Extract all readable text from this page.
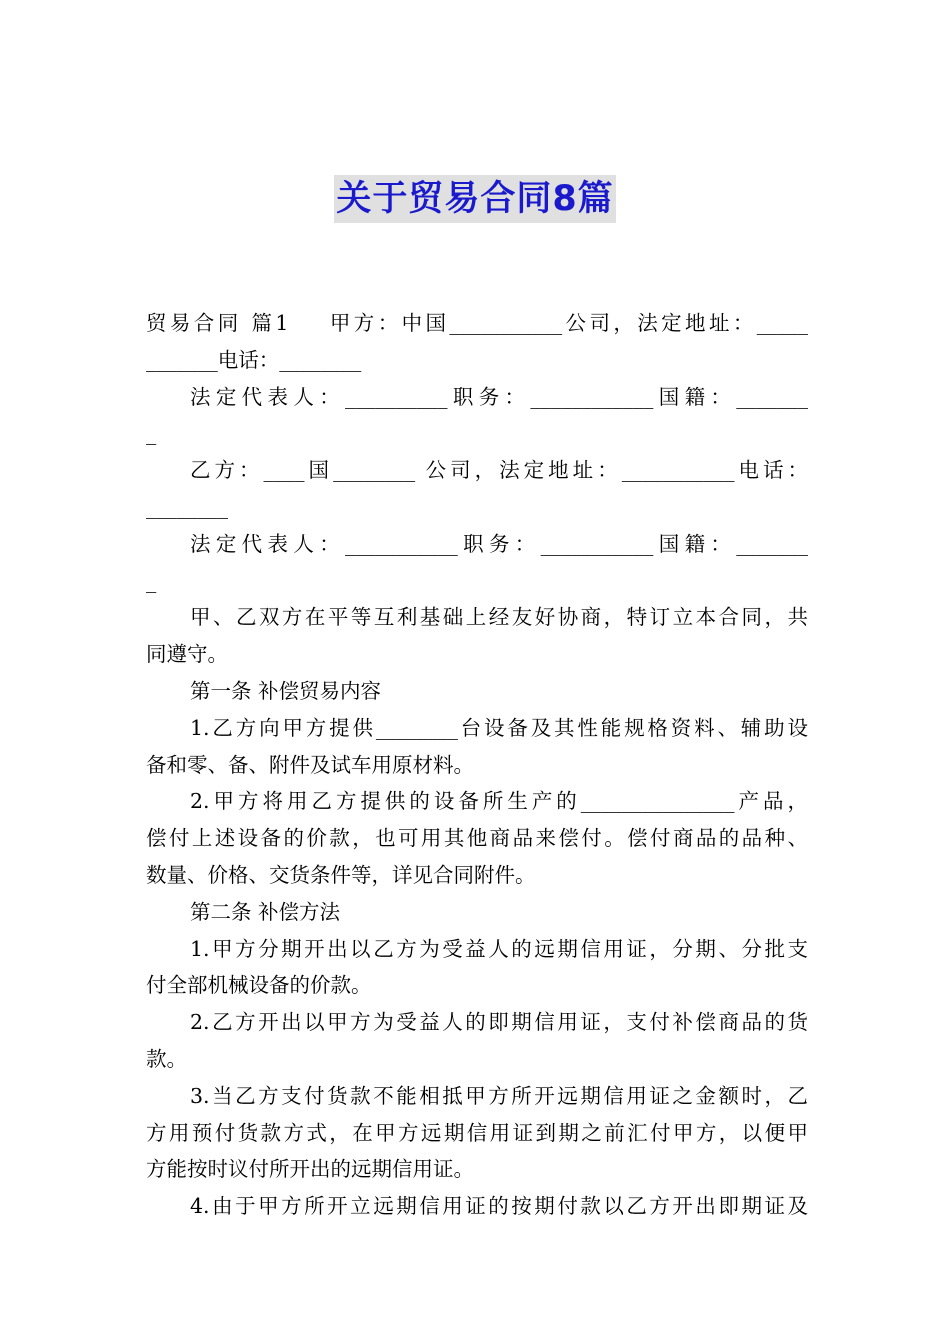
关于贸易合同8篇
贸易合同 篇1 甲方：中国___________公司，法定地址：_____
_______电话：________
法定代表人：__________职务：____________国籍：_______
_
乙方：____国________ 公司，法定地址：___________电话：
________
法定代表人：___________职务：___________国籍：_______
_
甲、乙双方在平等互利基础上经友好协商，特订立本合同，共
同遵守。
第一条 补偿贸易内容
1.乙方向甲方提供________台设备及其性能规格资料、辅助设
备和零、备、附件及试车用原材料。
2.甲方将用乙方提供的设备所生产的_______________产品，
偿付上述设备的价款，也可用其他商品来偿付。偿付商品的品种、
数量、价格、交货条件等，详见合同附件。
第二条 补偿方法
1.甲方分期开出以乙方为受益人的远期信用证，分期、分批支
付全部机械设备的价款。
2.乙方开出以甲方为受益人的即期信用证，支付补偿商品的货
款。
3.当乙方支付货款不能相抵甲方所开远期信用证之金额时，乙
方用预付货款方式，在甲方远期信用证到期之前汇付甲方，以便甲
方能按时议付所开出的远期信用证。
4.由于甲方所开立远期信用证的按期付款以乙方开出即期证及
